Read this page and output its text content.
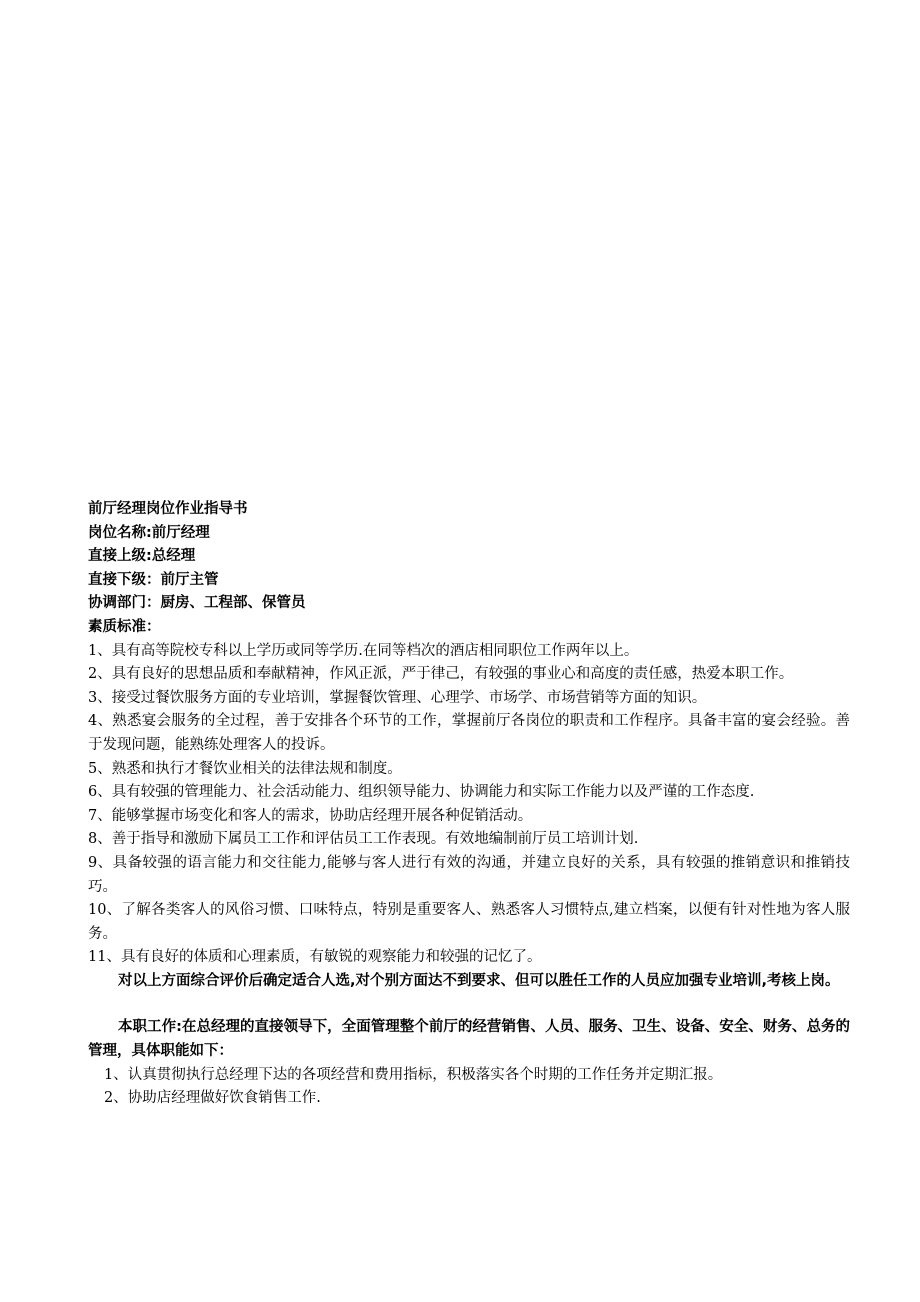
前厅经理岗位作业指导书

岗位名称:前厅经理

直接上级:总经理

直接下级：前厅主管

协调部门：厨房、工程部、保管员

素质标准：

1、具有高等院校专科以上学历或同等学历.在同等档次的酒店相同职位工作两年以上。

2、具有良好的思想品质和奉献精神，作风正派，严于律己，有较强的事业心和高度的责任感，热爱本职工作。

3、接受过餐饮服务方面的专业培训，掌握餐饮管理、心理学、市场学、市场营销等方面的知识。

4、熟悉宴会服务的全过程，善于安排各个环节的工作，掌握前厅各岗位的职责和工作程序。具备丰富的宴会经验。善于发现问题，能熟练处理客人的投诉。

5、熟悉和执行才餐饮业相关的法律法规和制度。

6、具有较强的管理能力、社会活动能力、组织领导能力、协调能力和实际工作能力以及严谨的工作态度.

7、能够掌握市场变化和客人的需求，协助店经理开展各种促销活动。

8、善于指导和激励下属员工工作和评估员工工作表现。有效地编制前厅员工培训计划.

9、具备较强的语言能力和交往能力,能够与客人进行有效的沟通，并建立良好的关系，具有较强的推销意识和推销技巧。

10、了解各类客人的风俗习惯、口味特点，特别是重要客人、熟悉客人习惯特点,建立档案，以便有针对性地为客人服务。

11、具有良好的体质和心理素质，有敏锐的观察能力和较强的记忆了。

对以上方面综合评价后确定适合人选,对个别方面达不到要求、但可以胜任工作的人员应加强专业培训,考核上岗。

本职工作:在总经理的直接领导下，全面管理整个前厅的经营销售、人员、服务、卫生、设备、安全、财务、总务的管理，具体职能如下：

1、认真贯彻执行总经理下达的各项经营和费用指标，积极落实各个时期的工作任务并定期汇报。

2、协助店经理做好饮食销售工作.
